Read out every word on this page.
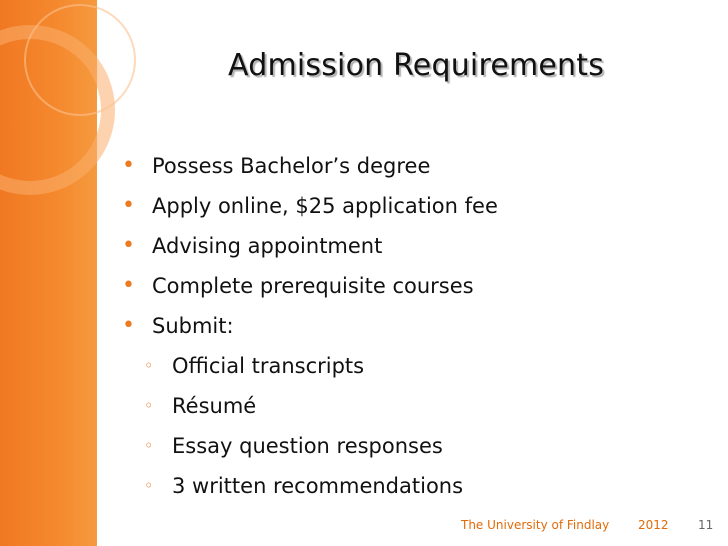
Admission Requirements
• Possess Bachelor’s degree
• Apply online, $25 application fee
• Advising appointment
• Complete prerequisite courses
• Submit:
◦ Official transcripts
◦ Résumé
◦ Essay question responses
◦ 3 written recommendations
The University of Findlay 2012 11
